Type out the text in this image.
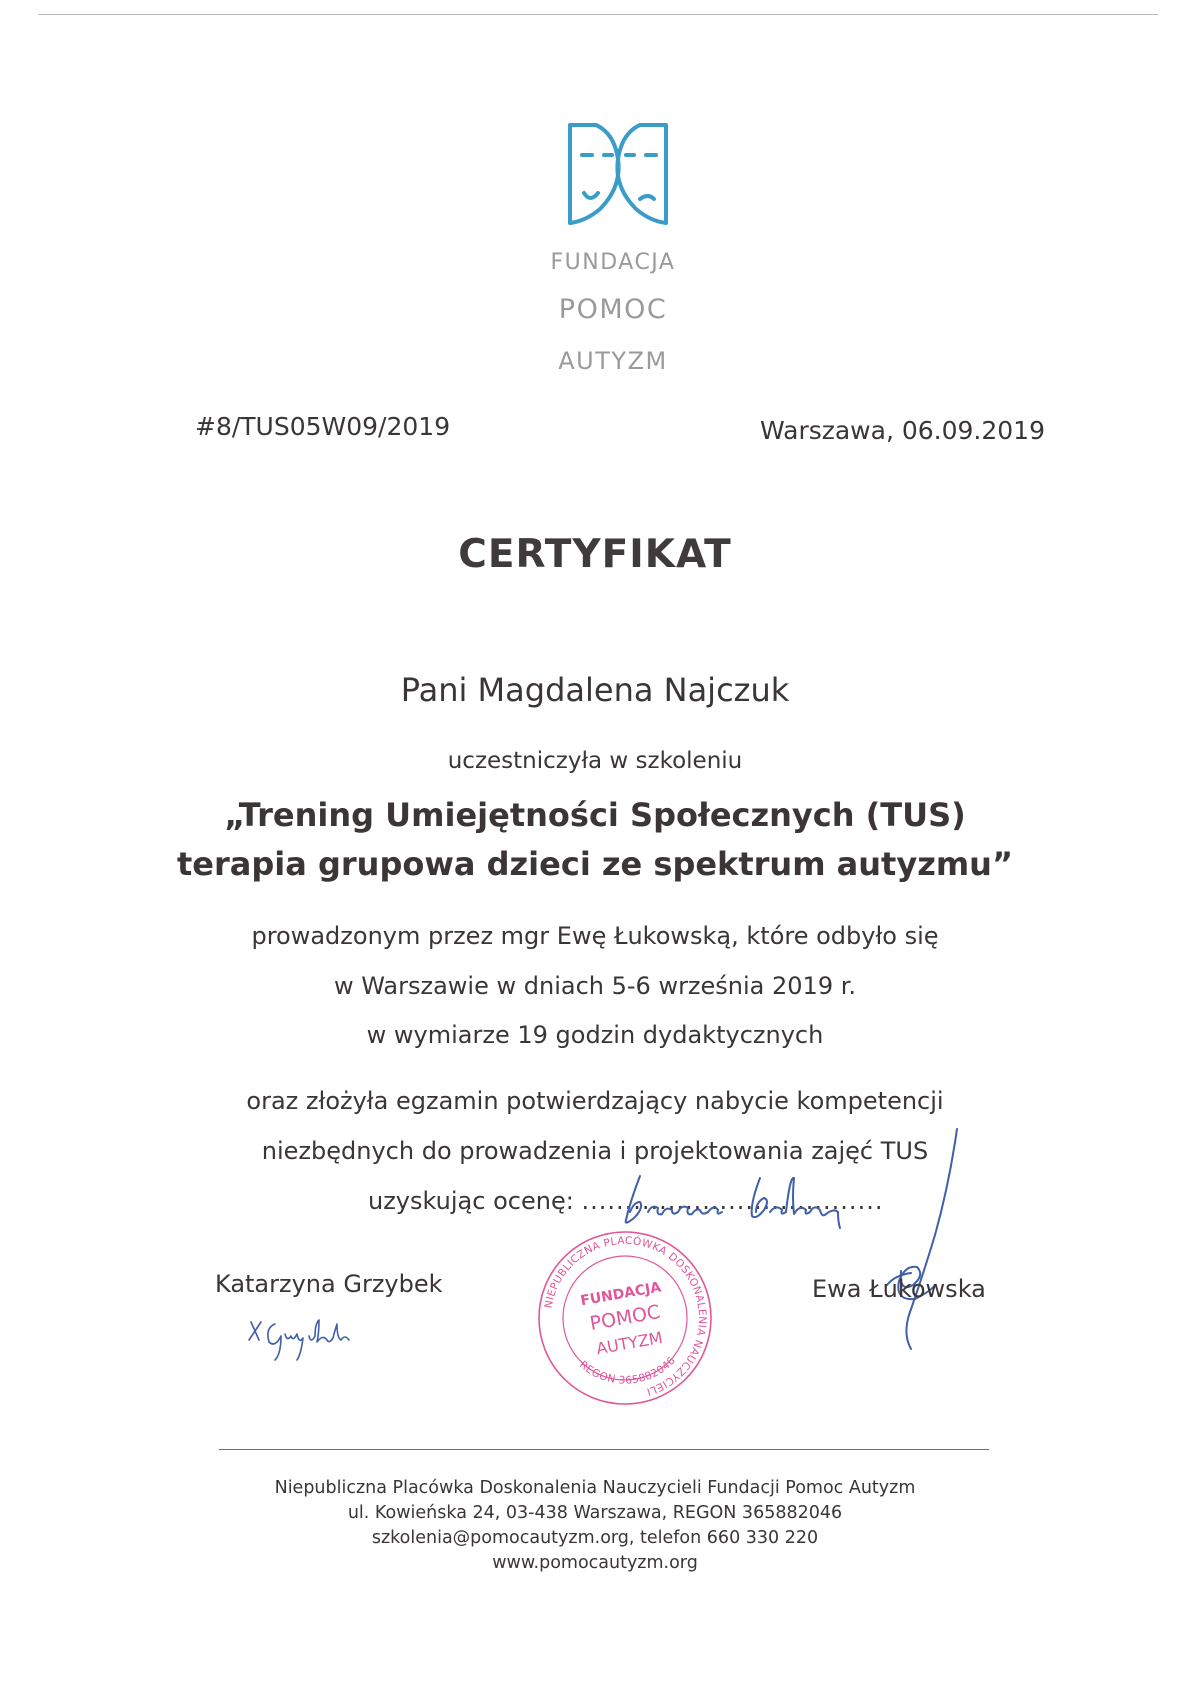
FUNDACJA
POMOC
AUTYZM
#8/TUS05W09/2019	Warszawa, 06.09.2019
CERTYFIKAT
Pani Magdalena Najczuk
uczestniczyła w szkoleniu
„Trening Umiejętności Społecznych (TUS)
terapia grupowa dzieci ze spektrum autyzmu”
prowadzonym przez mgr Ewę Łukowską, które odbyło się
w Warszawie w dniach 5-6 września 2019 r.
w wymiarze 19 godzin dydaktycznych
oraz złożyła egzamin potwierdzający nabycie kompetencji
niezbędnych do prowadzenia i projektowania zajęć TUS
uzyskując ocenę: ...................................
Katarzyna Grzybek	Ewa Łukowska
NIEPUBLICZNA PLACÓWKA DOSKONALENIA NAUCZYCIELI
REGON 365882046
FUNDACJA
POMOC
AUTYZM
Niepubliczna Placówka Doskonalenia Nauczycieli Fundacji Pomoc Autyzm
ul. Kowieńska 24, 03-438 Warszawa, REGON 365882046
szkolenia@pomocautyzm.org, telefon 660 330 220
www.pomocautyzm.org
